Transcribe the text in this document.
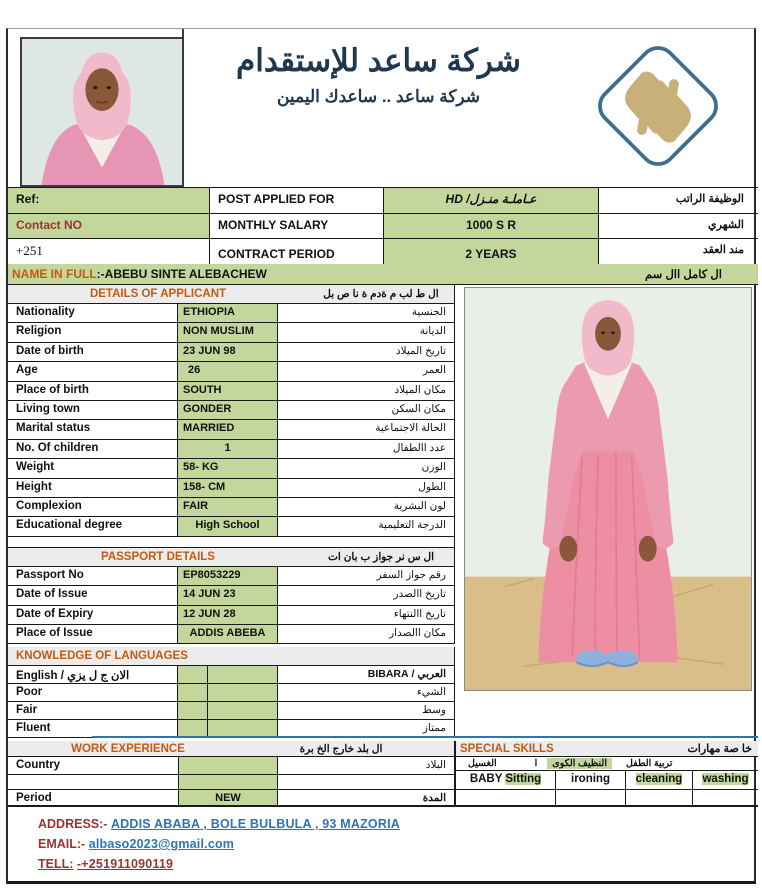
شركة ساعد للإستقدام
شركة ساعد .. ساعدك اليمين
Ref:	POST APPLIED FOR	عـاملـة منـزل/ HD	الوظيفة الراتب
Contact NO	MONTHLY SALARY	1000 S R	الشهري
+251	CONTRACT PERIOD	2 YEARS	مند العقد
NAME IN FULL:-ABEBU SINTE ALEBACHEW	ال كامل اال سم
DETAILS OF APPLICANT	ال ط لب م ةدم ة نا ص بل
Nationality	ETHIOPIA	الجنسية
Religion	NON MUSLIM	الديانة
Date of birth	23 JUN 98	تاريخ الميلاد
Age	26	العمر
Place of birth	SOUTH	مكان الميلاد
Living town	GONDER	مكان السكن
Marital status	MARRIED	الحالة الاجتماعية
No. Of children	1	عدد االطفال
Weight	58- KG	الوزن
Height	158- CM	الطول
Complexion	FAIR	لون البشرية
Educational degree	High School	الدرجة التعليمية
PASSPORT DETAILS	ال س نر جواز ب بان ات
Passport No	EP8053229	رقم جواز السفر
Date of Issue	14 JUN 23	تاريخ االصدر
Date of Expiry	12 JUN 28	تاريخ االنتهاء
Place of Issue	ADDIS ABEBA	مكان االصدار
KNOWLEDGE OF LANGUAGES
English / الان ج ل يزي	العربي / BIBARA
Poor	الشيء
Fair	وسط
Fluent	ممتاز
WORK EXPERIENCE	ال بلد خارج الخ برة
Country	البلاد
Period	NEW	المدة
SPECIAL SKILLS	خا صة مهارات
الغسيل	ا	النظيف الكوى	تربية الطفل
BABY Sitting	ironing	cleaning	washing
ADDRESS:- ADDIS ABABA , BOLE BULBULA , 93 MAZORIA
EMAIL:- albaso2023@gmail.com
TELL: -+251911090119
